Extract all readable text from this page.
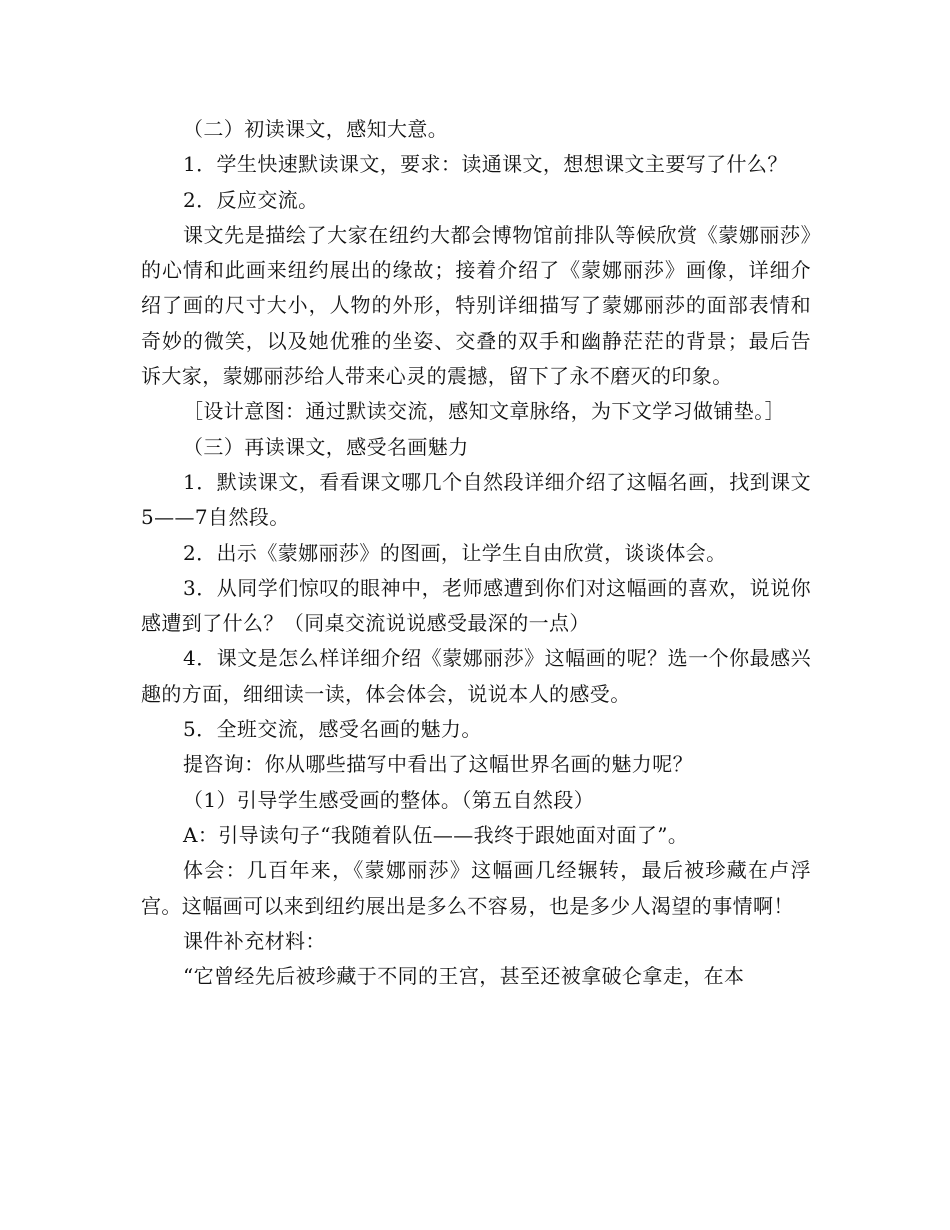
（二）初读课文，感知大意。

1．学生快速默读课文，要求：读通课文，想想课文主要写了什么？

2．反应交流。

课文先是描绘了大家在纽约大都会博物馆前排队等候欣赏《蒙娜丽莎》的心情和此画来纽约展出的缘故；接着介绍了《蒙娜丽莎》画像，详细介绍了画的尺寸大小，人物的外形，特别详细描写了蒙娜丽莎的面部表情和奇妙的微笑，以及她优雅的坐姿、交叠的双手和幽静茫茫的背景；最后告诉大家，蒙娜丽莎给人带来心灵的震撼，留下了永不磨灭的印象。

［设计意图：通过默读交流，感知文章脉络，为下文学习做铺垫。］

（三）再读课文，感受名画魅力

1．默读课文，看看课文哪几个自然段详细介绍了这幅名画，找到课文5——7自然段。

2．出示《蒙娜丽莎》的图画，让学生自由欣赏，谈谈体会。

3．从同学们惊叹的眼神中，老师感遭到你们对这幅画的喜欢，说说你感遭到了什么？（同桌交流说说感受最深的一点）

4．课文是怎么样详细介绍《蒙娜丽莎》这幅画的呢？选一个你最感兴趣的方面，细细读一读，体会体会，说说本人的感受。

5．全班交流，感受名画的魅力。

提咨询：你从哪些描写中看出了这幅世界名画的魅力呢？

（1）引导学生感受画的整体。（第五自然段）

A：引导读句子“我随着队伍——我终于跟她面对面了”。

体会：几百年来，《蒙娜丽莎》这幅画几经辗转，最后被珍藏在卢浮宫。这幅画可以来到纽约展出是多么不容易，也是多少人渴望的事情啊！

课件补充材料：

“它曾经先后被珍藏于不同的王宫，甚至还被拿破仑拿走，在本
